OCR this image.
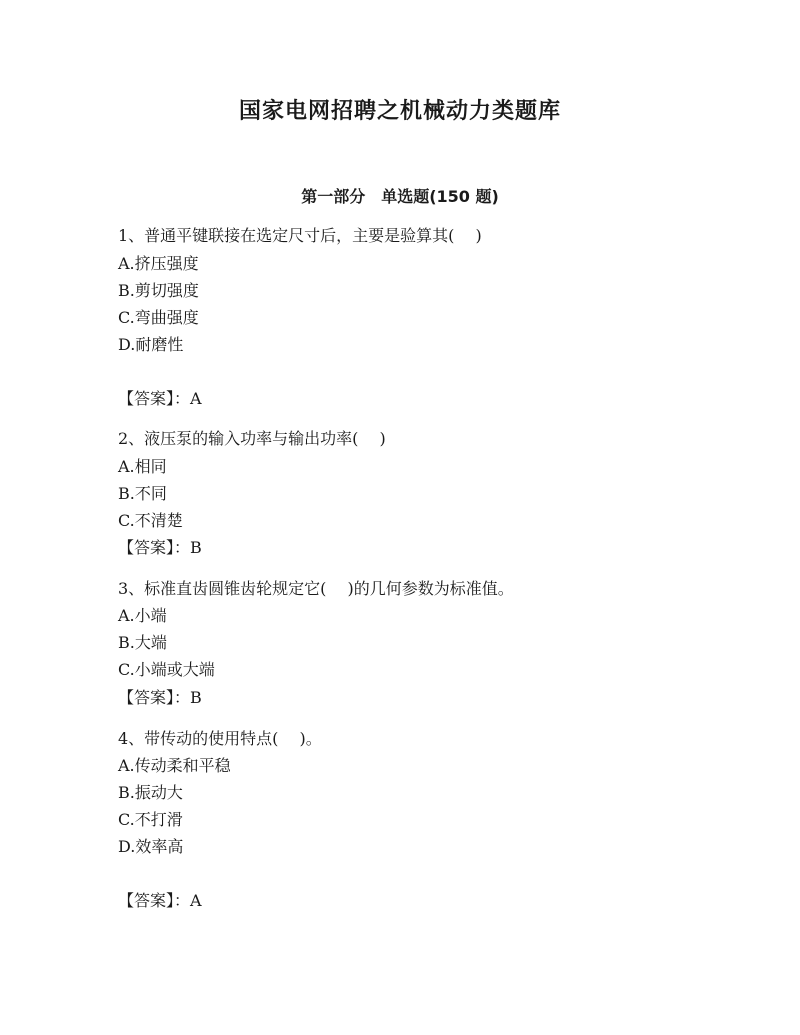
国家电网招聘之机械动力类题库
第一部分　单选题(150 题)
1、普通平键联接在选定尺寸后，主要是验算其(　 )
A.挤压强度
B.剪切强度
C.弯曲强度
D.耐磨性
【答案】：A
2、液压泵的输入功率与输出功率(　 )
A.相同
B.不同
C.不清楚
【答案】：B
3、标准直齿圆锥齿轮规定它(　 )的几何参数为标准值。
A.小端
B.大端
C.小端或大端
【答案】：B
4、带传动的使用特点(　 )。
A.传动柔和平稳
B.振动大
C.不打滑
D.效率高
【答案】：A
